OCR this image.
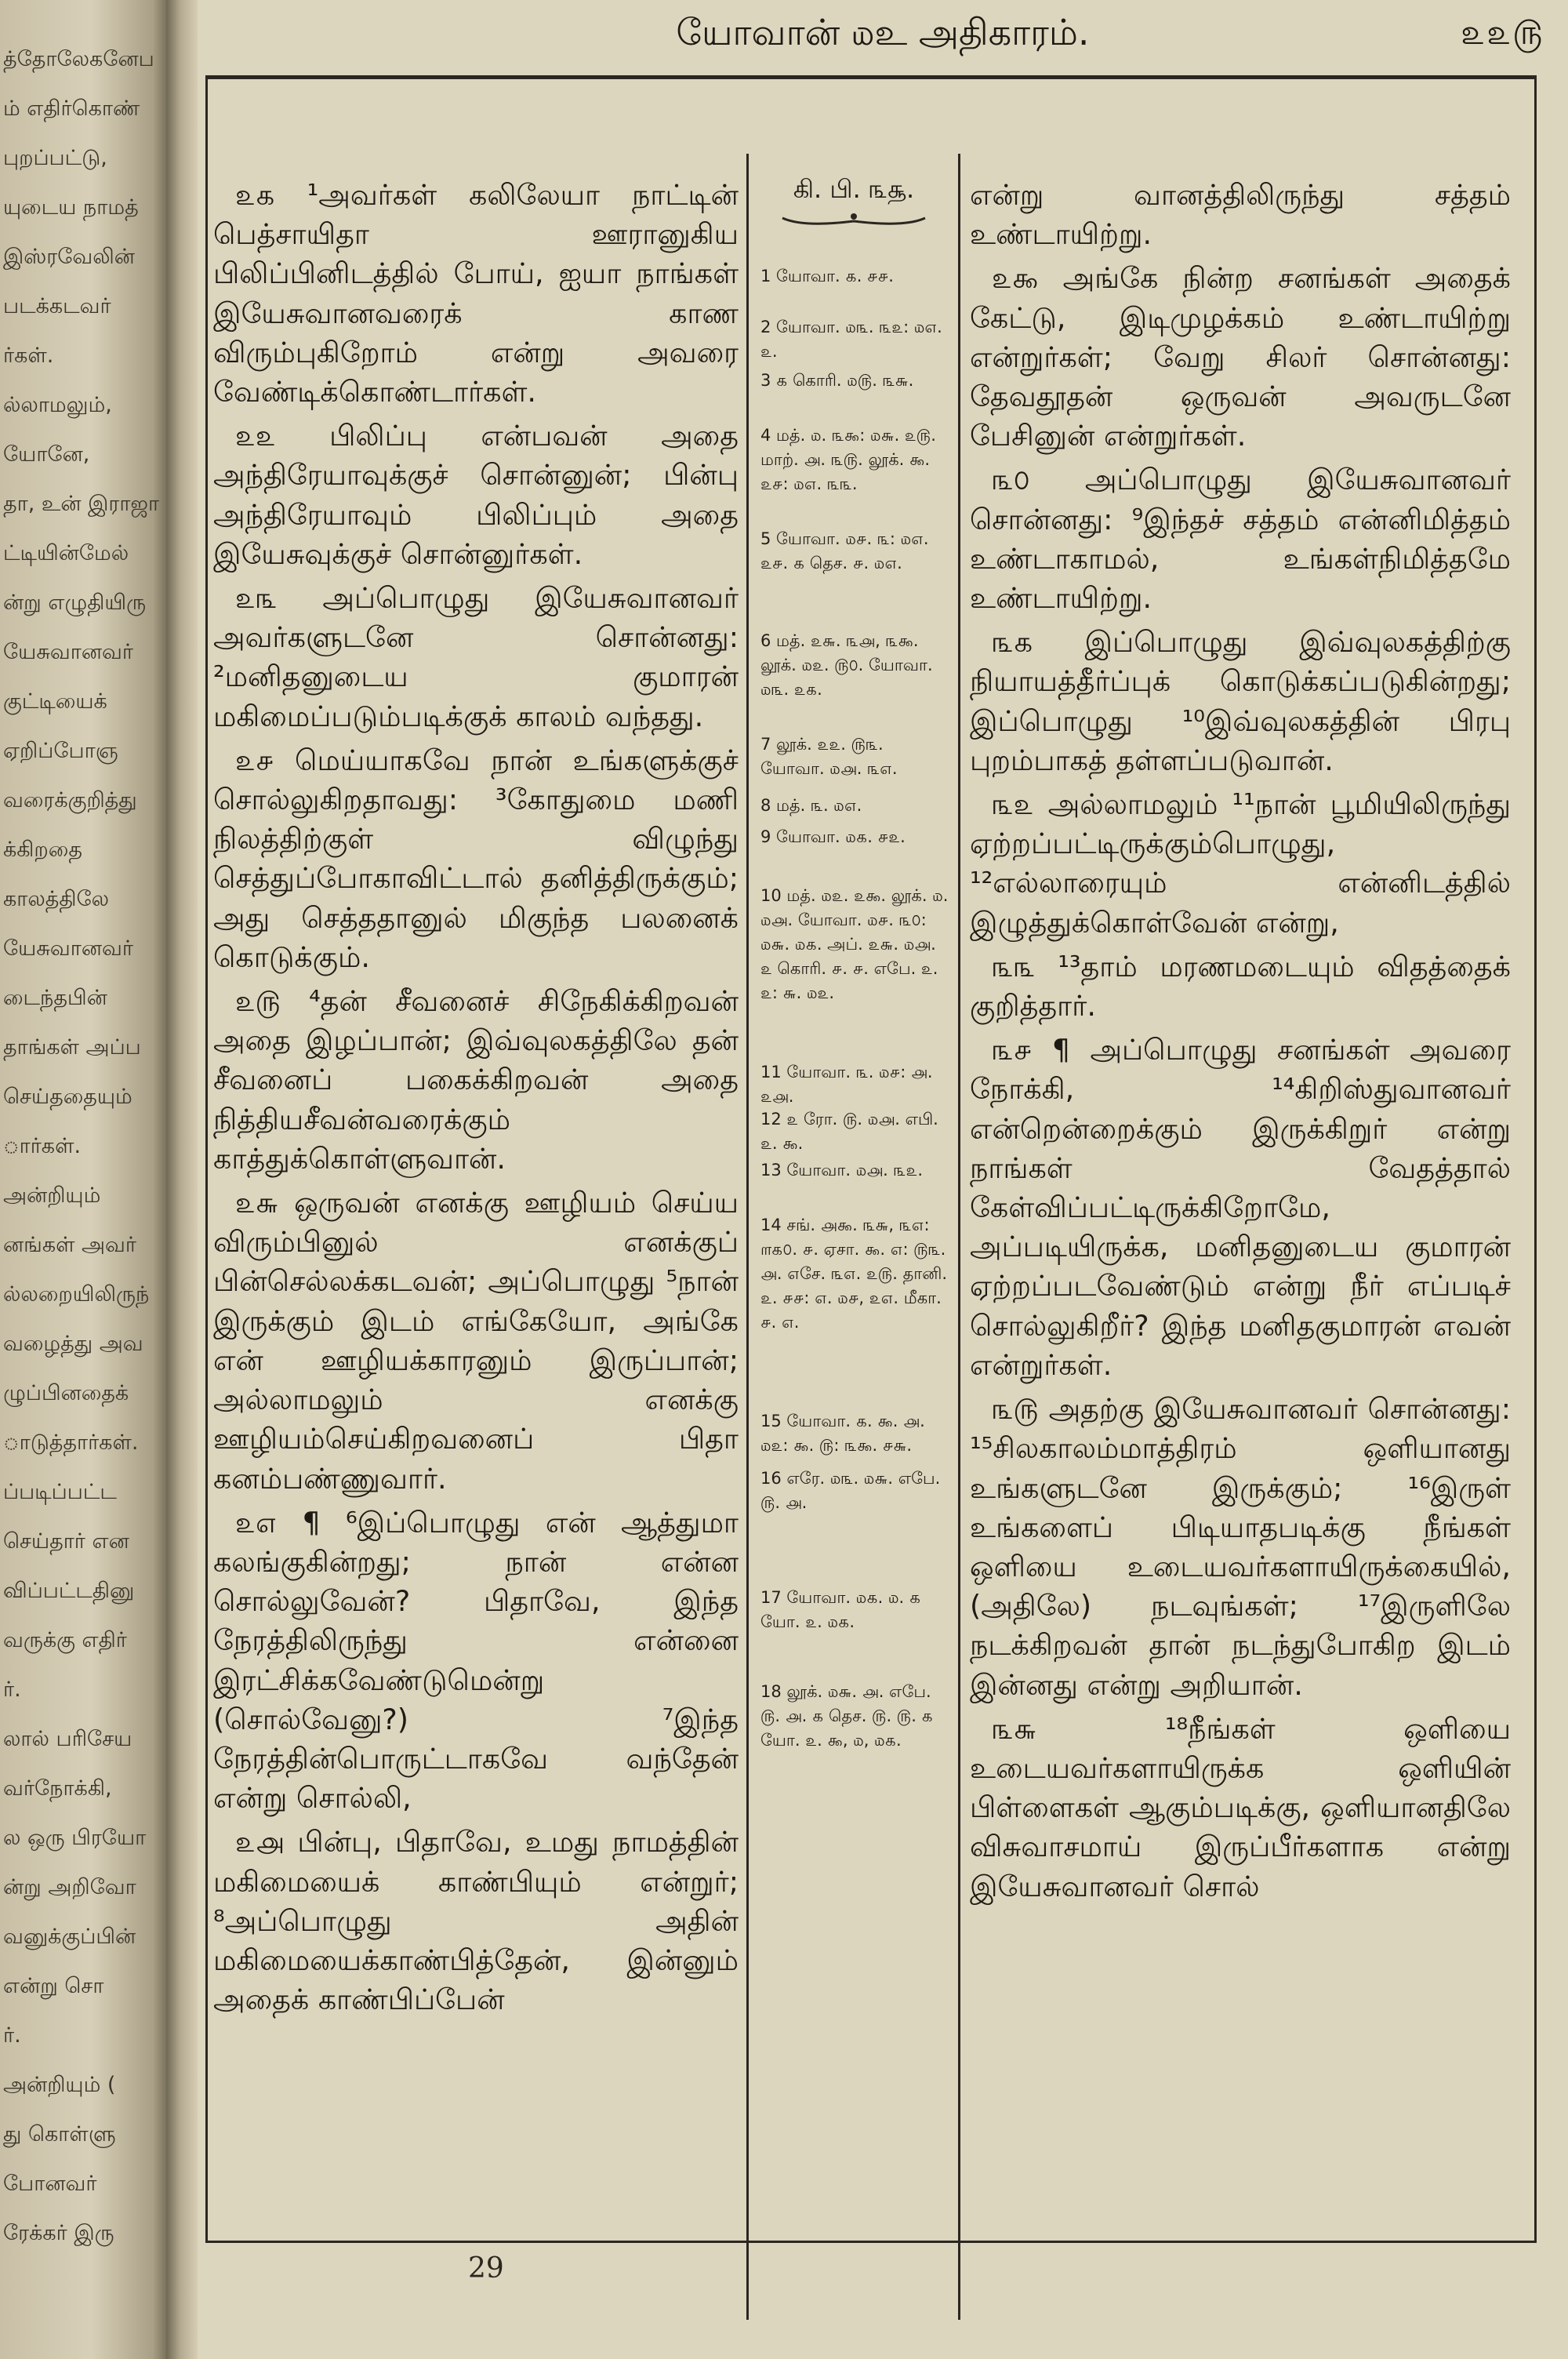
த்தோலேகனேப
ம் எதிர்கொண்
புறப்பட்டு,
யுடைய நாமத்
இஸ்ரவேலின்
படக்கடவர்
ர்கள்.
ல்லாமலும்,
யோனே,
தா, உன் இராஜா
ட்டியின்மேல்
ன்று எழுதியிரு
யேசுவானவர்
குட்டியைக்
ஏறிப்போஞ
வரைக்குறித்து
க்கிறதை
காலத்திலே
யேசுவானவர்
டைந்தபின்
தாங்கள் அப்ப
செய்ததையும்
ார்கள்.
அன்றியும்
னங்கள் அவர்
ல்லறையிலிருந்
வழைத்து அவ
ழுப்பினதைக்
ாடுத்தார்கள்.
ப்படிப்பட்ட
செய்தார் என
விப்பட்டதினு
வருக்கு எதிர்
ர்.
லால் பரிசேய
வர்நோக்கி,
ல ஒரு பிரயோ
ன்று அறிவோ
வனுக்குப்பின்
என்று சொ
ர்.
அன்றியும் (
து கொள்ளு
போனவர்
ரேக்கர் இரு
யோவான் ௰உ அதிகாரம்.	௨௨௫

௨௧ ¹அவர்கள் கலிலேயா நாட்டின் பெத்சாயிதா ஊரானுகிய பிலிப்பினிடத்தில் போய், ஐயா நாங்கள் இயேசுவானவரைக் காண விரும்புகிறோம் என்று அவரை வேண்டிக்கொண்டார்கள்.

௨௨ பிலிப்பு என்பவன் அதை அந்திரேயாவுக்குச் சொன்னுன்; பின்பு அந்திரேயாவும் பிலிப்பும் அதை இயேசுவுக்குச் சொன்னுர்கள்.

௨௩ அப்பொழுது இயேசுவானவர் அவர்களுடனே சொன்னது: ²மனிதனுடைய குமாரன் மகிமைப்படும்படிக்குக் காலம் வந்தது.

௨௪ மெய்யாகவே நான் உங்களுக்குச் சொல்லுகிறதாவது: ³கோதுமை மணி நிலத்திற்குள் விழுந்து செத்துப்போகாவிட்டால் தனித்திருக்கும்; அது செத்ததானுல் மிகுந்த பலனைக் கொடுக்கும்.

௨௫ ⁴தன் சீவனைச் சிநேகிக்கிறவன் அதை இழப்பான்; இவ்வுலகத்திலே தன் சீவனைப் பகைக்கிறவன் அதை நித்தியசீவன்வரைக்கும் காத்துக்கொள்ளுவான்.

௨௬ ஒருவன் எனக்கு ஊழியம் செய்ய விரும்பினுல் எனக்குப் பின்செல்லக்கடவன்; அப்பொழுது ⁵நான் இருக்கும் இடம் எங்கேயோ, அங்கே என் ஊழியக்காரனும் இருப்பான்; அல்லாமலும் எனக்கு ஊழியம்செய்கிறவனைப் பிதா கனம்பண்ணுவார்.

௨௭ ¶ ⁶இப்பொழுது என் ஆத்துமா கலங்குகின்றது; நான் என்ன சொல்லுவேன்? பிதாவே, இந்த நேரத்திலிருந்து என்னை இரட்சிக்கவேண்டுமென்று (சொல்வேனு?) ⁷இந்த நேரத்தின்பொருட்டாகவே வந்தேன் என்று சொல்லி,

௨௮ பின்பு, பிதாவே, உமது நாமத்தின் மகிமையைக் காண்பியும் என்றுர்; ⁸அப்பொழுது அதின் மகிமையைக்காண்பித்தேன், இன்னும் அதைக் காண்பிப்பேன்

கி. பி. ௩௲.
1 யோவா. ௧. ௪௪.
2 யோவா. ௰௩. ௩௨: ௰௭. ௨.
3 ௧ கொரி. ௰௫. ௩௬.
4 மத். ௰. ௩௯: ௰௬. ௨௫. மாற். ௮. ௩௫. லூக். ௯. ௨௪: ௰௭. ௩௩.
5 யோவா. ௰௪. ௩: ௰௭. ௨௪. ௧ தெச. ௪. ௰௭.
6 மத். ௨௬. ௩௮, ௩௯. லூக். ௰௨. ௫௦. யோவா. ௰௩. ௨௧.
7 லூக். ௨௨. ௫௩. யோவா. ௰௮. ௩௭.
8 மத். ௩. ௰௭.
9 யோவா. ௰௧. ௪௨.
10 மத். ௰௨. ௨௯. லூக். ௰. ௰௮. யோவா. ௰௪. ௩௦: ௰௬. ௰௧. அப். ௨௬. ௰௮. ௨ கொரி. ௪. ௪. எபே. ௨. ௨: ௬. ௰௨.
11 யோவா. ௩. ௰௪: ௮. ௨௮.
12 ௨ ரோ. ௫. ௰௮. எபி. ௨. ௯.
13 யோவா. ௰௮. ௩௨.
14 சங். ௮௯. ௩௬, ௩௭: ௱௧௦. ௪. ஏசா. ௯. ௭: ௫௩. ௮. ௭சே. ௩௭. ௨௫. தானி. ௨. ௪௪: ௭. ௰௪, ௨௭. மீகா. ௪. ௭.
15 யோவா. ௧. ௯. ௮. ௰௨: ௯. ௫: ௩௯. ௪௬.
16 எரே. ௰௩. ௰௬. எபே. ௫. ௮.
17 யோவா. ௰௧. ௰. ௧ யோ. ௨. ௰௧.
18 லூக். ௰௬. ௮. எபே. ௫. ௮. ௧ தெச. ௫. ௫. ௧ யோ. ௨. ௯, ௰, ௰௧.

என்று வானத்திலிருந்து சத்தம் உண்டாயிற்று.

௨௯ அங்கே நின்ற சனங்கள் அதைக் கேட்டு, இடிமுழக்கம் உண்டாயிற்று என்றுர்கள்; வேறு சிலர் சொன்னது: தேவதூதன் ஒருவன் அவருடனே பேசினுன் என்றுர்கள்.

௩௦ அப்பொழுது இயேசுவானவர் சொன்னது: ⁹இந்தச் சத்தம் என்னிமித்தம் உண்டாகாமல், உங்கள்நிமித்தமே உண்டாயிற்று.

௩௧ இப்பொழுது இவ்வுலகத்திற்கு நியாயத்தீர்ப்புக் கொடுக்கப்படுகின்றது; இப்பொழுது ¹⁰இவ்வுலகத்தின் பிரபு புறம்பாகத் தள்ளப்படுவான்.

௩௨ அல்லாமலும் ¹¹நான் பூமியிலிருந்து ஏற்றப்பட்டிருக்கும்பொழுது, ¹²எல்லாரையும் என்னிடத்தில் இழுத்துக்கொள்வேன் என்று,

௩௩ ¹³தாம் மரணமடையும் விதத்தைக் குறித்தார்.

௩௪ ¶ அப்பொழுது சனங்கள் அவரை நோக்கி, ¹⁴கிறிஸ்துவானவர் என்றென்றைக்கும் இருக்கிறுர் என்று நாங்கள் வேதத்தால் கேள்விப்பட்டிருக்கிறோமே, அப்படியிருக்க, மனிதனுடைய குமாரன் ஏற்றப்படவேண்டும் என்று நீர் எப்படிச் சொல்லுகிறீர்? இந்த மனிதகுமாரன் எவன் என்றுர்கள்.

௩௫ அதற்கு இயேசுவானவர் சொன்னது: ¹⁵சிலகாலம்மாத்திரம் ஒளியானது உங்களுடனே இருக்கும்; ¹⁶இருள் உங்களைப் பிடியாதபடிக்கு நீங்கள் ஒளியை உடையவர்களாயிருக்கையில், (அதிலே) நடவுங்கள்; ¹⁷இருளிலே நடக்கிறவன் தான் நடந்துபோகிற இடம் இன்னது என்று அறியான்.

௩௬	¹⁸நீங்கள் ஒளியை உடையவர்களாயிருக்க ஒளியின் பிள்ளைகள் ஆகும்படிக்கு, ஒளியானதிலே விசுவாசமாய் இருப்பீர்களாக என்று இயேசுவானவர் சொல்

29
